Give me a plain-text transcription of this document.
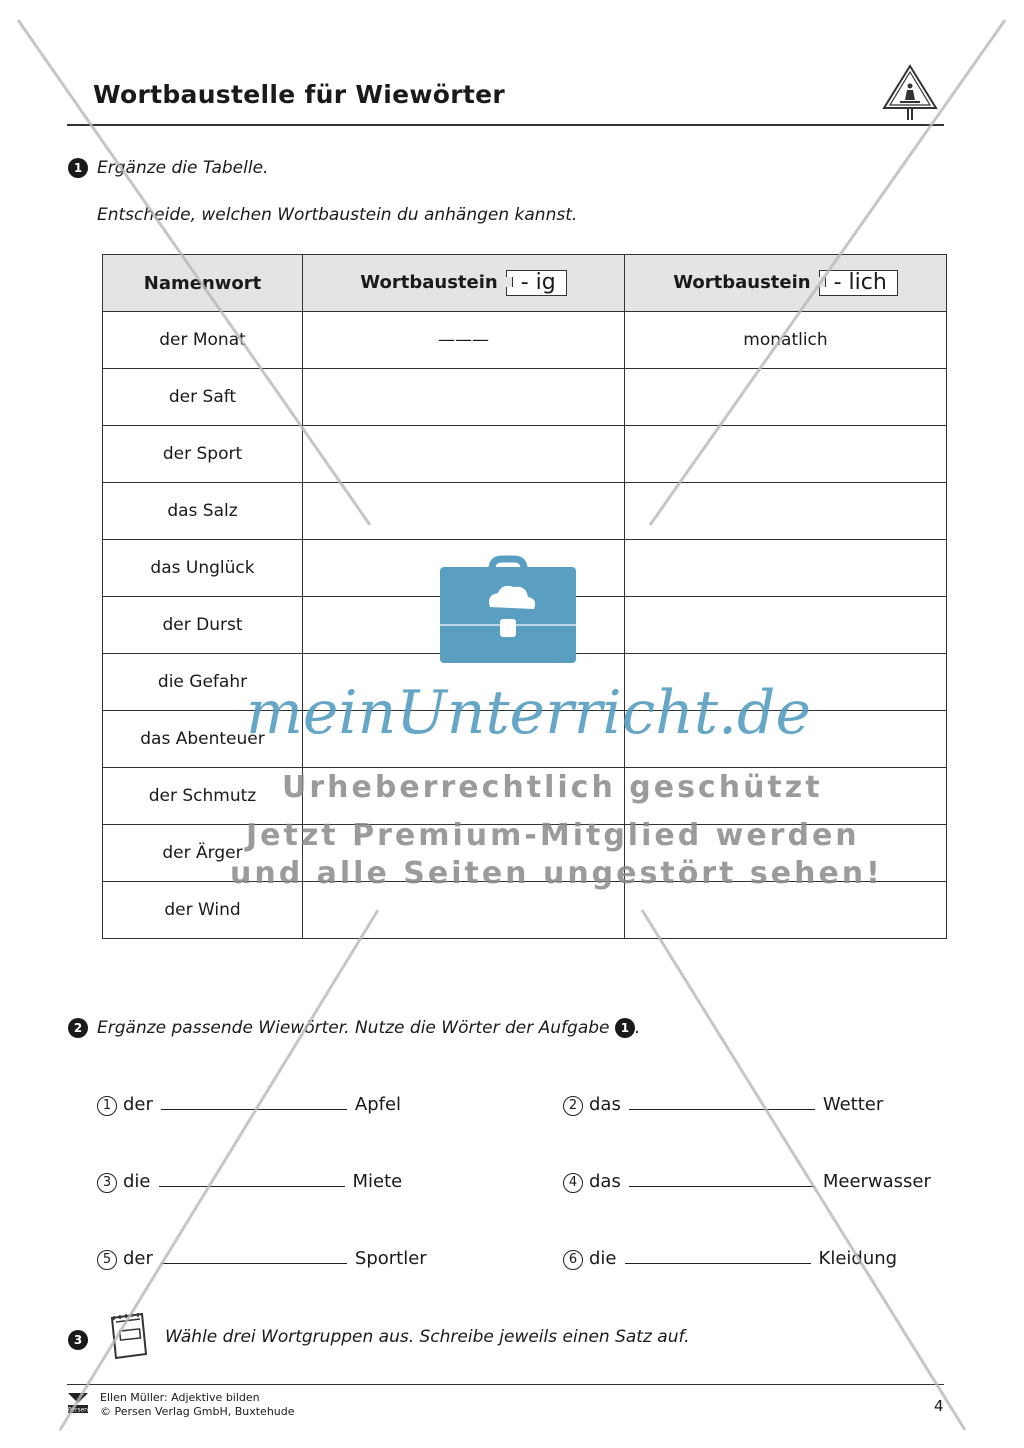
Wortbaustelle für Wiewörter
1 Ergänze die Tabelle.
Entscheide, welchen Wortbaustein du anhängen kannst.
Namenwort	Wortbaustein - ig	Wortbaustein - lich
der Monat	———	monatlich
der Saft		
der Sport		
das Salz		
das Unglück		
der Durst		
die Gefahr		
das Abenteuer		
der Schmutz		
der Ärger		
der Wind		
2 Ergänze passende Wiewörter. Nutze die Wörter der Aufgabe 1 .
1 der	Apfel	2 das	Wetter
3 die	Miete	4 das	Meerwasser
5 der	Sportler	6 die	Kleidung
3	Wähle drei Wortgruppen aus. Schreibe jeweils einen Satz auf.
Persen
Ellen Müller: Adjektive bilden
© Persen Verlag GmbH, Buxtehude	4
meinUnterricht.de
Urheberrechtlich geschützt
Jetzt Premium-Mitglied werden
und alle Seiten ungestört sehen!
